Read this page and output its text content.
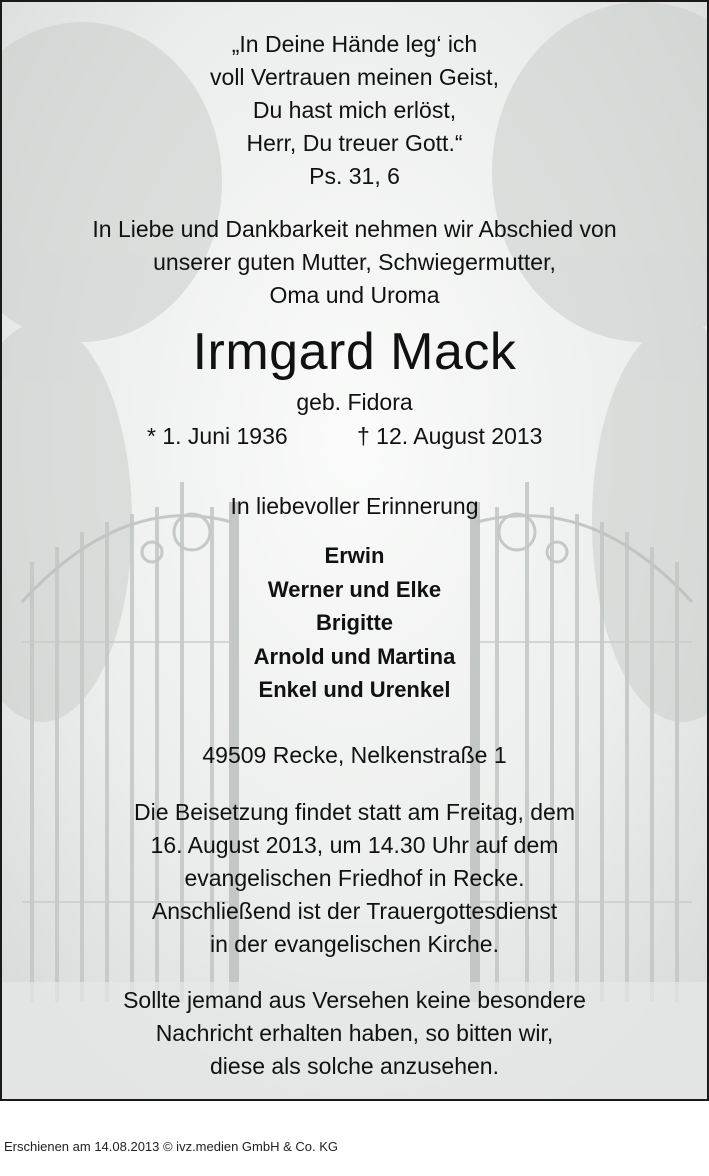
„In Deine Hände leg‘ ich
voll Vertrauen meinen Geist,
Du hast mich erlöst,
Herr, Du treuer Gott.“
Ps. 31, 6
In Liebe und Dankbarkeit nehmen wir Abschied von
unserer guten Mutter, Schwiegermutter,
Oma und Uroma
Irmgard Mack
geb. Fidora
* 1. Juni 1936	† 12. August 2013
In liebevoller Erinnerung
Erwin
Werner und Elke
Brigitte
Arnold und Martina
Enkel und Urenkel
49509 Recke, Nelkenstraße 1
Die Beisetzung findet statt am Freitag, dem
16. August 2013, um 14.30 Uhr auf dem
evangelischen Friedhof in Recke.
Anschließend ist der Trauergottesdienst
in der evangelischen Kirche.
Sollte jemand aus Versehen keine besondere
Nachricht erhalten haben, so bitten wir,
diese als solche anzusehen.
Erschienen am 14.08.2013 © ivz.medien GmbH & Co. KG
